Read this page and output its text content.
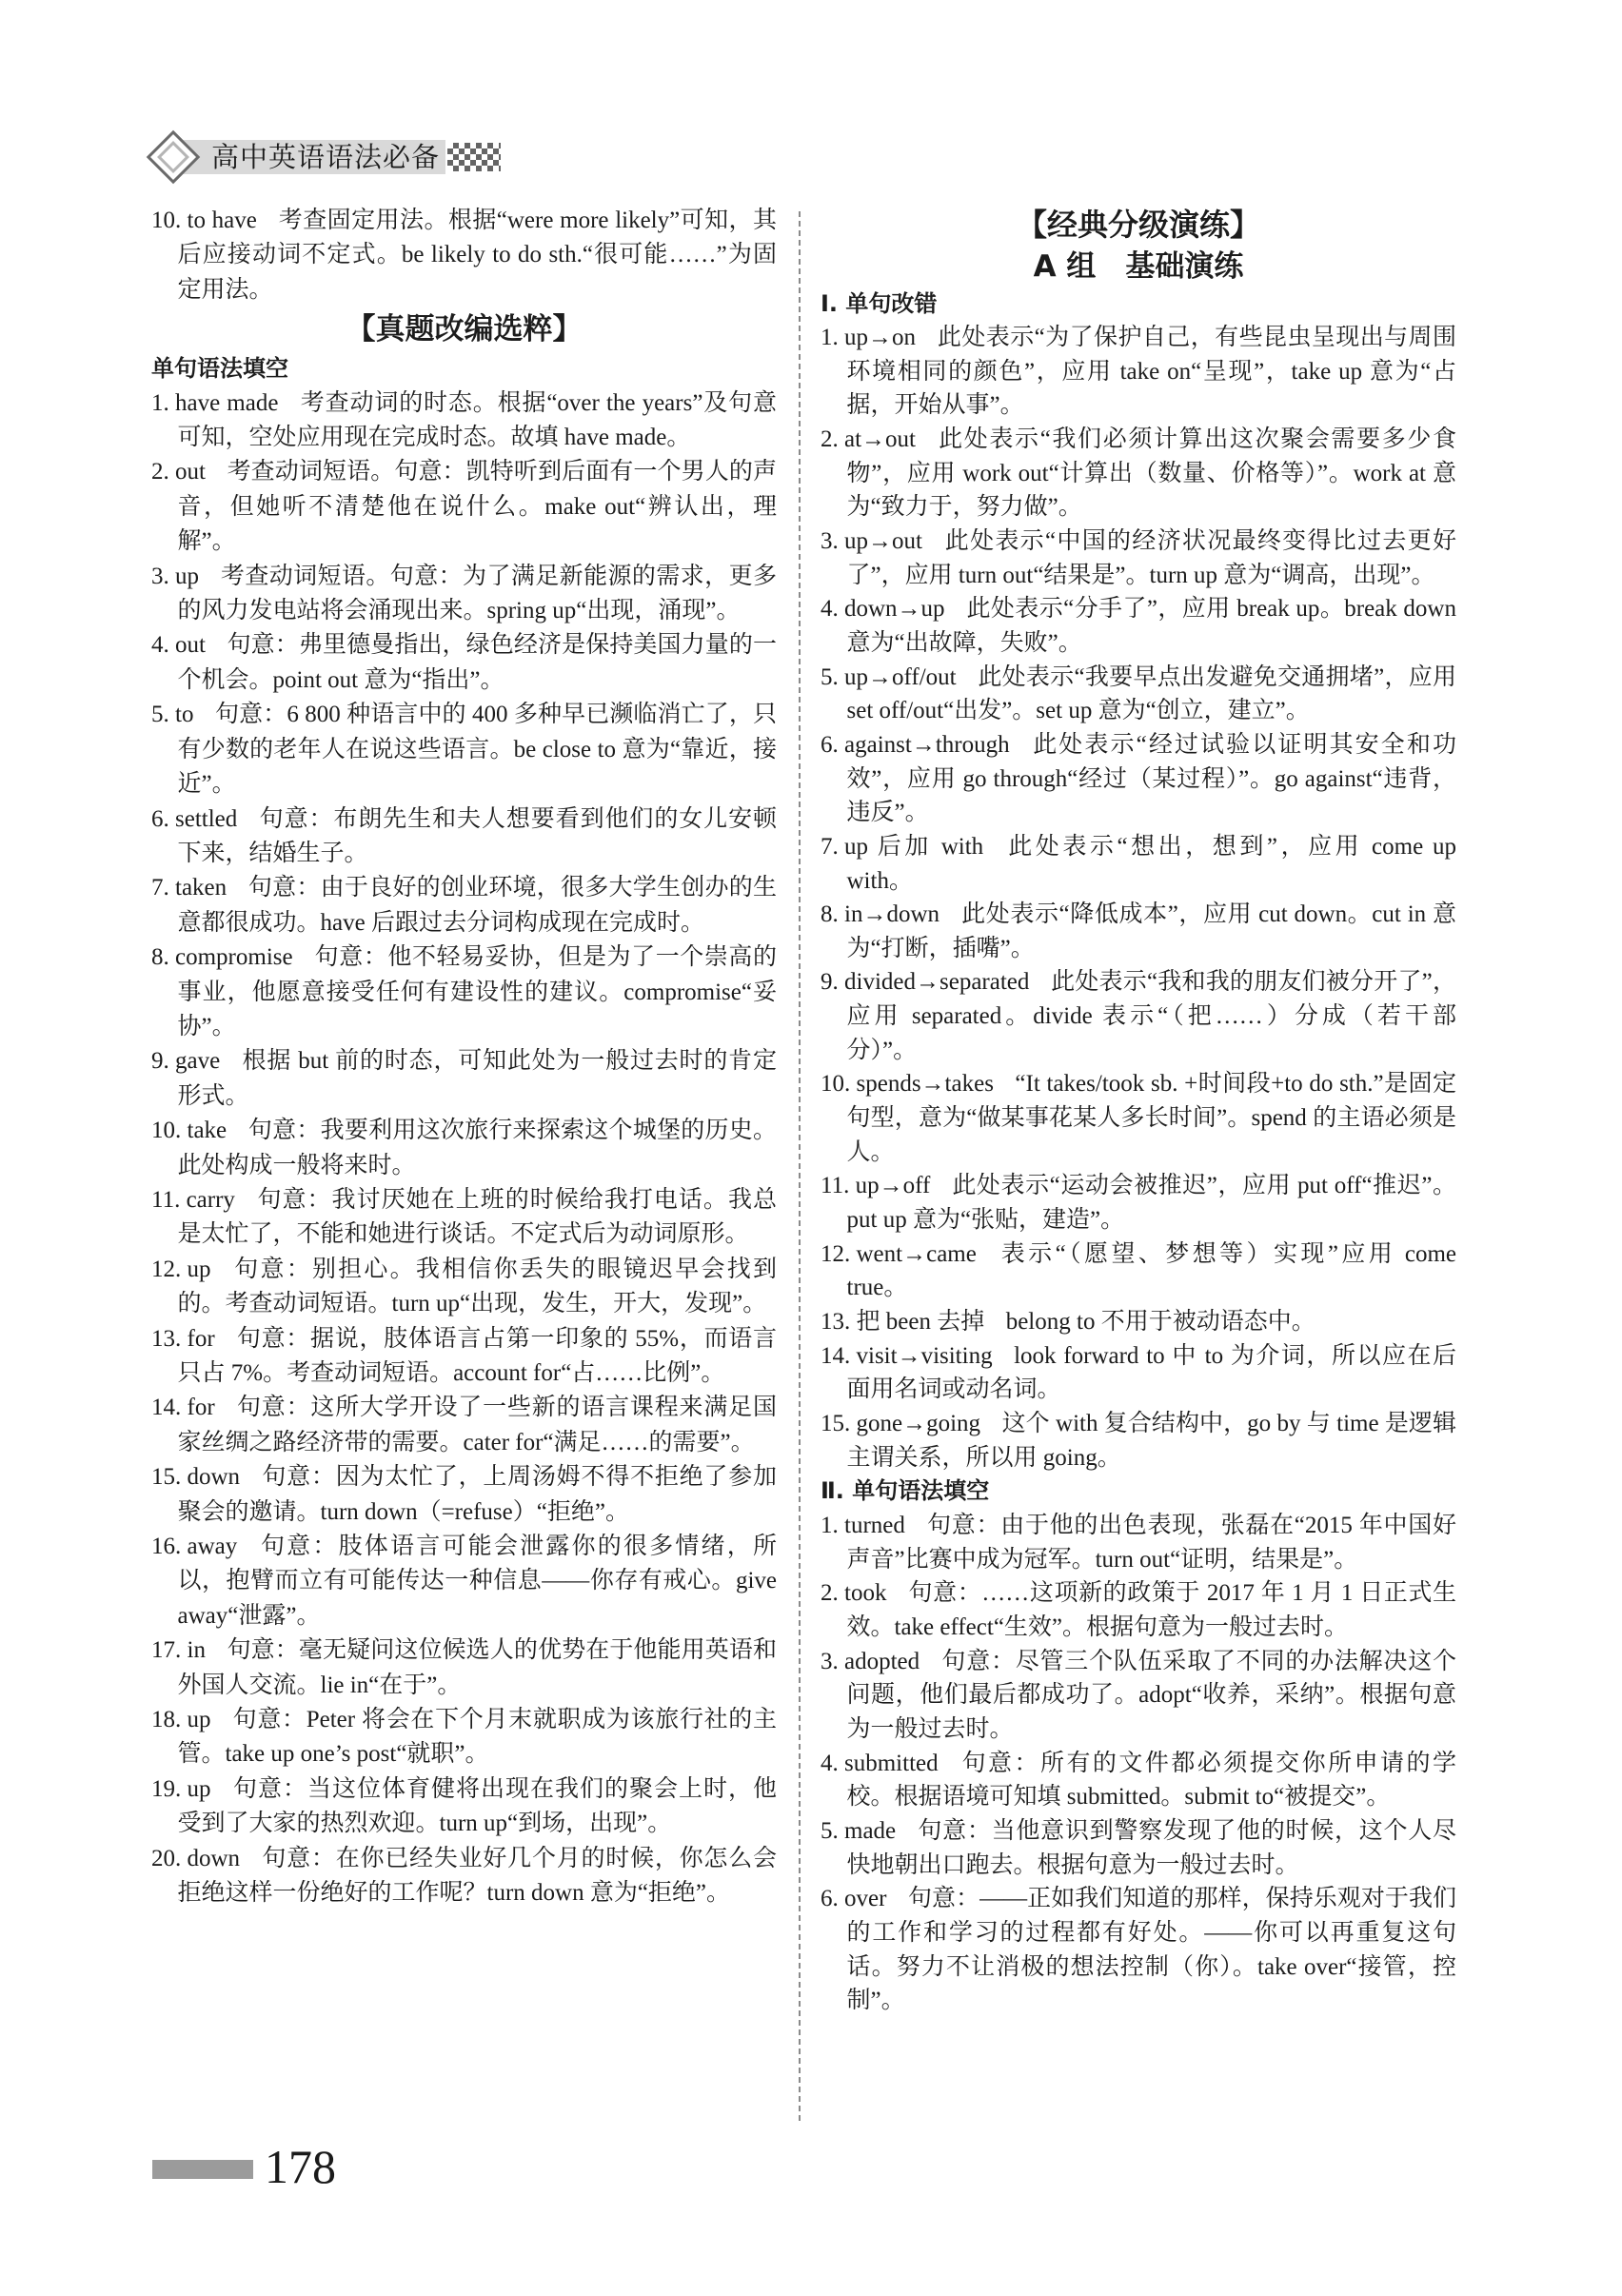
高中英语语法必备

10. to have 考查固定用法。根据“were more likely”可知，其后应接动词不定式。be likely to do sth.“很可能……”为固定用法。

【真题改编选粹】
单句语法填空

1. have made 考查动词的时态。根据“over the years”及句意可知，空处应用现在完成时态。故填 have made。

2. out 考查动词短语。句意：凯特听到后面有一个男人的声音，但她听不清楚他在说什么。make out“辨认出，理解”。

3. up 考查动词短语。句意：为了满足新能源的需求，更多的风力发电站将会涌现出来。spring up“出现，涌现”。

4. out 句意：弗里德曼指出，绿色经济是保持美国力量的一个机会。point out 意为“指出”。

5. to 句意：6 800 种语言中的 400 多种早已濒临消亡了，只有少数的老年人在说这些语言。be close to 意为“靠近，接近”。

6. settled 句意：布朗先生和夫人想要看到他们的女儿安顿下来，结婚生子。

7. taken 句意：由于良好的创业环境，很多大学生创办的生意都很成功。have 后跟过去分词构成现在完成时。

8. compromise 句意：他不轻易妥协，但是为了一个崇高的事业，他愿意接受任何有建设性的建议。compromise“妥协”。

9. gave 根据 but 前的时态，可知此处为一般过去时的肯定形式。

10. take 句意：我要利用这次旅行来探索这个城堡的历史。此处构成一般将来时。

11. carry 句意：我讨厌她在上班的时候给我打电话。我总是太忙了，不能和她进行谈话。不定式后为动词原形。

12. up 句意：别担心。我相信你丢失的眼镜迟早会找到的。考查动词短语。turn up“出现，发生，开大，发现”。

13. for 句意：据说，肢体语言占第一印象的 55%，而语言只占 7%。考查动词短语。account for“占……比例”。

14. for 句意：这所大学开设了一些新的语言课程来满足国家丝绸之路经济带的需要。cater for“满足……的需要”。

15. down 句意：因为太忙了，上周汤姆不得不拒绝了参加聚会的邀请。turn down（=refuse）“拒绝”。

16. away 句意：肢体语言可能会泄露你的很多情绪，所以，抱臂而立有可能传达一种信息——你存有戒心。give away“泄露”。

17. in 句意：毫无疑问这位候选人的优势在于他能用英语和外国人交流。lie in“在于”。

18. up 句意：Peter 将会在下个月末就职成为该旅行社的主管。take up one’s post“就职”。

19. up 句意：当这位体育健将出现在我们的聚会上时，他受到了大家的热烈欢迎。turn up“到场，出现”。

20. down 句意：在你已经失业好几个月的时候，你怎么会拒绝这样一份绝好的工作呢？turn down 意为“拒绝”。

【经典分级演练】
A 组　基础演练
Ⅰ. 单句改错

1. up→on 此处表示“为了保护自己，有些昆虫呈现出与周围环境相同的颜色”，应用 take on“呈现”，take up 意为“占据，开始从事”。

2. at→out 此处表示“我们必须计算出这次聚会需要多少食物”，应用 work out“计算出（数量、价格等）”。work at 意为“致力于，努力做”。

3. up→out 此处表示“中国的经济状况最终变得比过去更好了”，应用 turn out“结果是”。turn up 意为“调高，出现”。

4. down→up 此处表示“分手了”，应用 break up。break down 意为“出故障，失败”。

5. up→off/out 此处表示“我要早点出发避免交通拥堵”，应用 set off/out“出发”。set up 意为“创立，建立”。

6. against→through 此处表示“经过试验以证明其安全和功效”，应用 go through“经过（某过程）”。go against“违背，违反”。

7. up 后加 with 此处表示“想出，想到”，应用 come up with。

8. in→down 此处表示“降低成本”，应用 cut down。cut in 意为“打断，插嘴”。

9. divided→separated 此处表示“我和我的朋友们被分开了”，应用 separated。divide 表示“（把……）分成（若干部分）”。

10. spends→takes “It takes/took sb. +时间段+to do sth.”是固定句型，意为“做某事花某人多长时间”。spend 的主语必须是人。

11. up→off 此处表示“运动会被推迟”，应用 put off“推迟”。put up 意为“张贴，建造”。

12. went→came 表示“（愿望、梦想等）实现”应用 come true。

13. 把 been 去掉 belong to 不用于被动语态中。

14. visit→visiting look forward to 中 to 为介词，所以应在后面用名词或动名词。

15. gone→going 这个 with 复合结构中，go by 与 time 是逻辑主谓关系，所以用 going。

Ⅱ. 单句语法填空

1. turned 句意：由于他的出色表现，张磊在“2015 年中国好声音”比赛中成为冠军。turn out“证明，结果是”。

2. took 句意：……这项新的政策于 2017 年 1 月 1 日正式生效。take effect“生效”。根据句意为一般过去时。

3. adopted 句意：尽管三个队伍采取了不同的办法解决这个问题，他们最后都成功了。adopt“收养，采纳”。根据句意为一般过去时。

4. submitted 句意：所有的文件都必须提交你所申请的学校。根据语境可知填 submitted。submit to“被提交”。

5. made 句意：当他意识到警察发现了他的时候，这个人尽快地朝出口跑去。根据句意为一般过去时。

6. over 句意：——正如我们知道的那样，保持乐观对于我们的工作和学习的过程都有好处。——你可以再重复这句话。努力不让消极的想法控制（你）。take over“接管，控制”。

178
